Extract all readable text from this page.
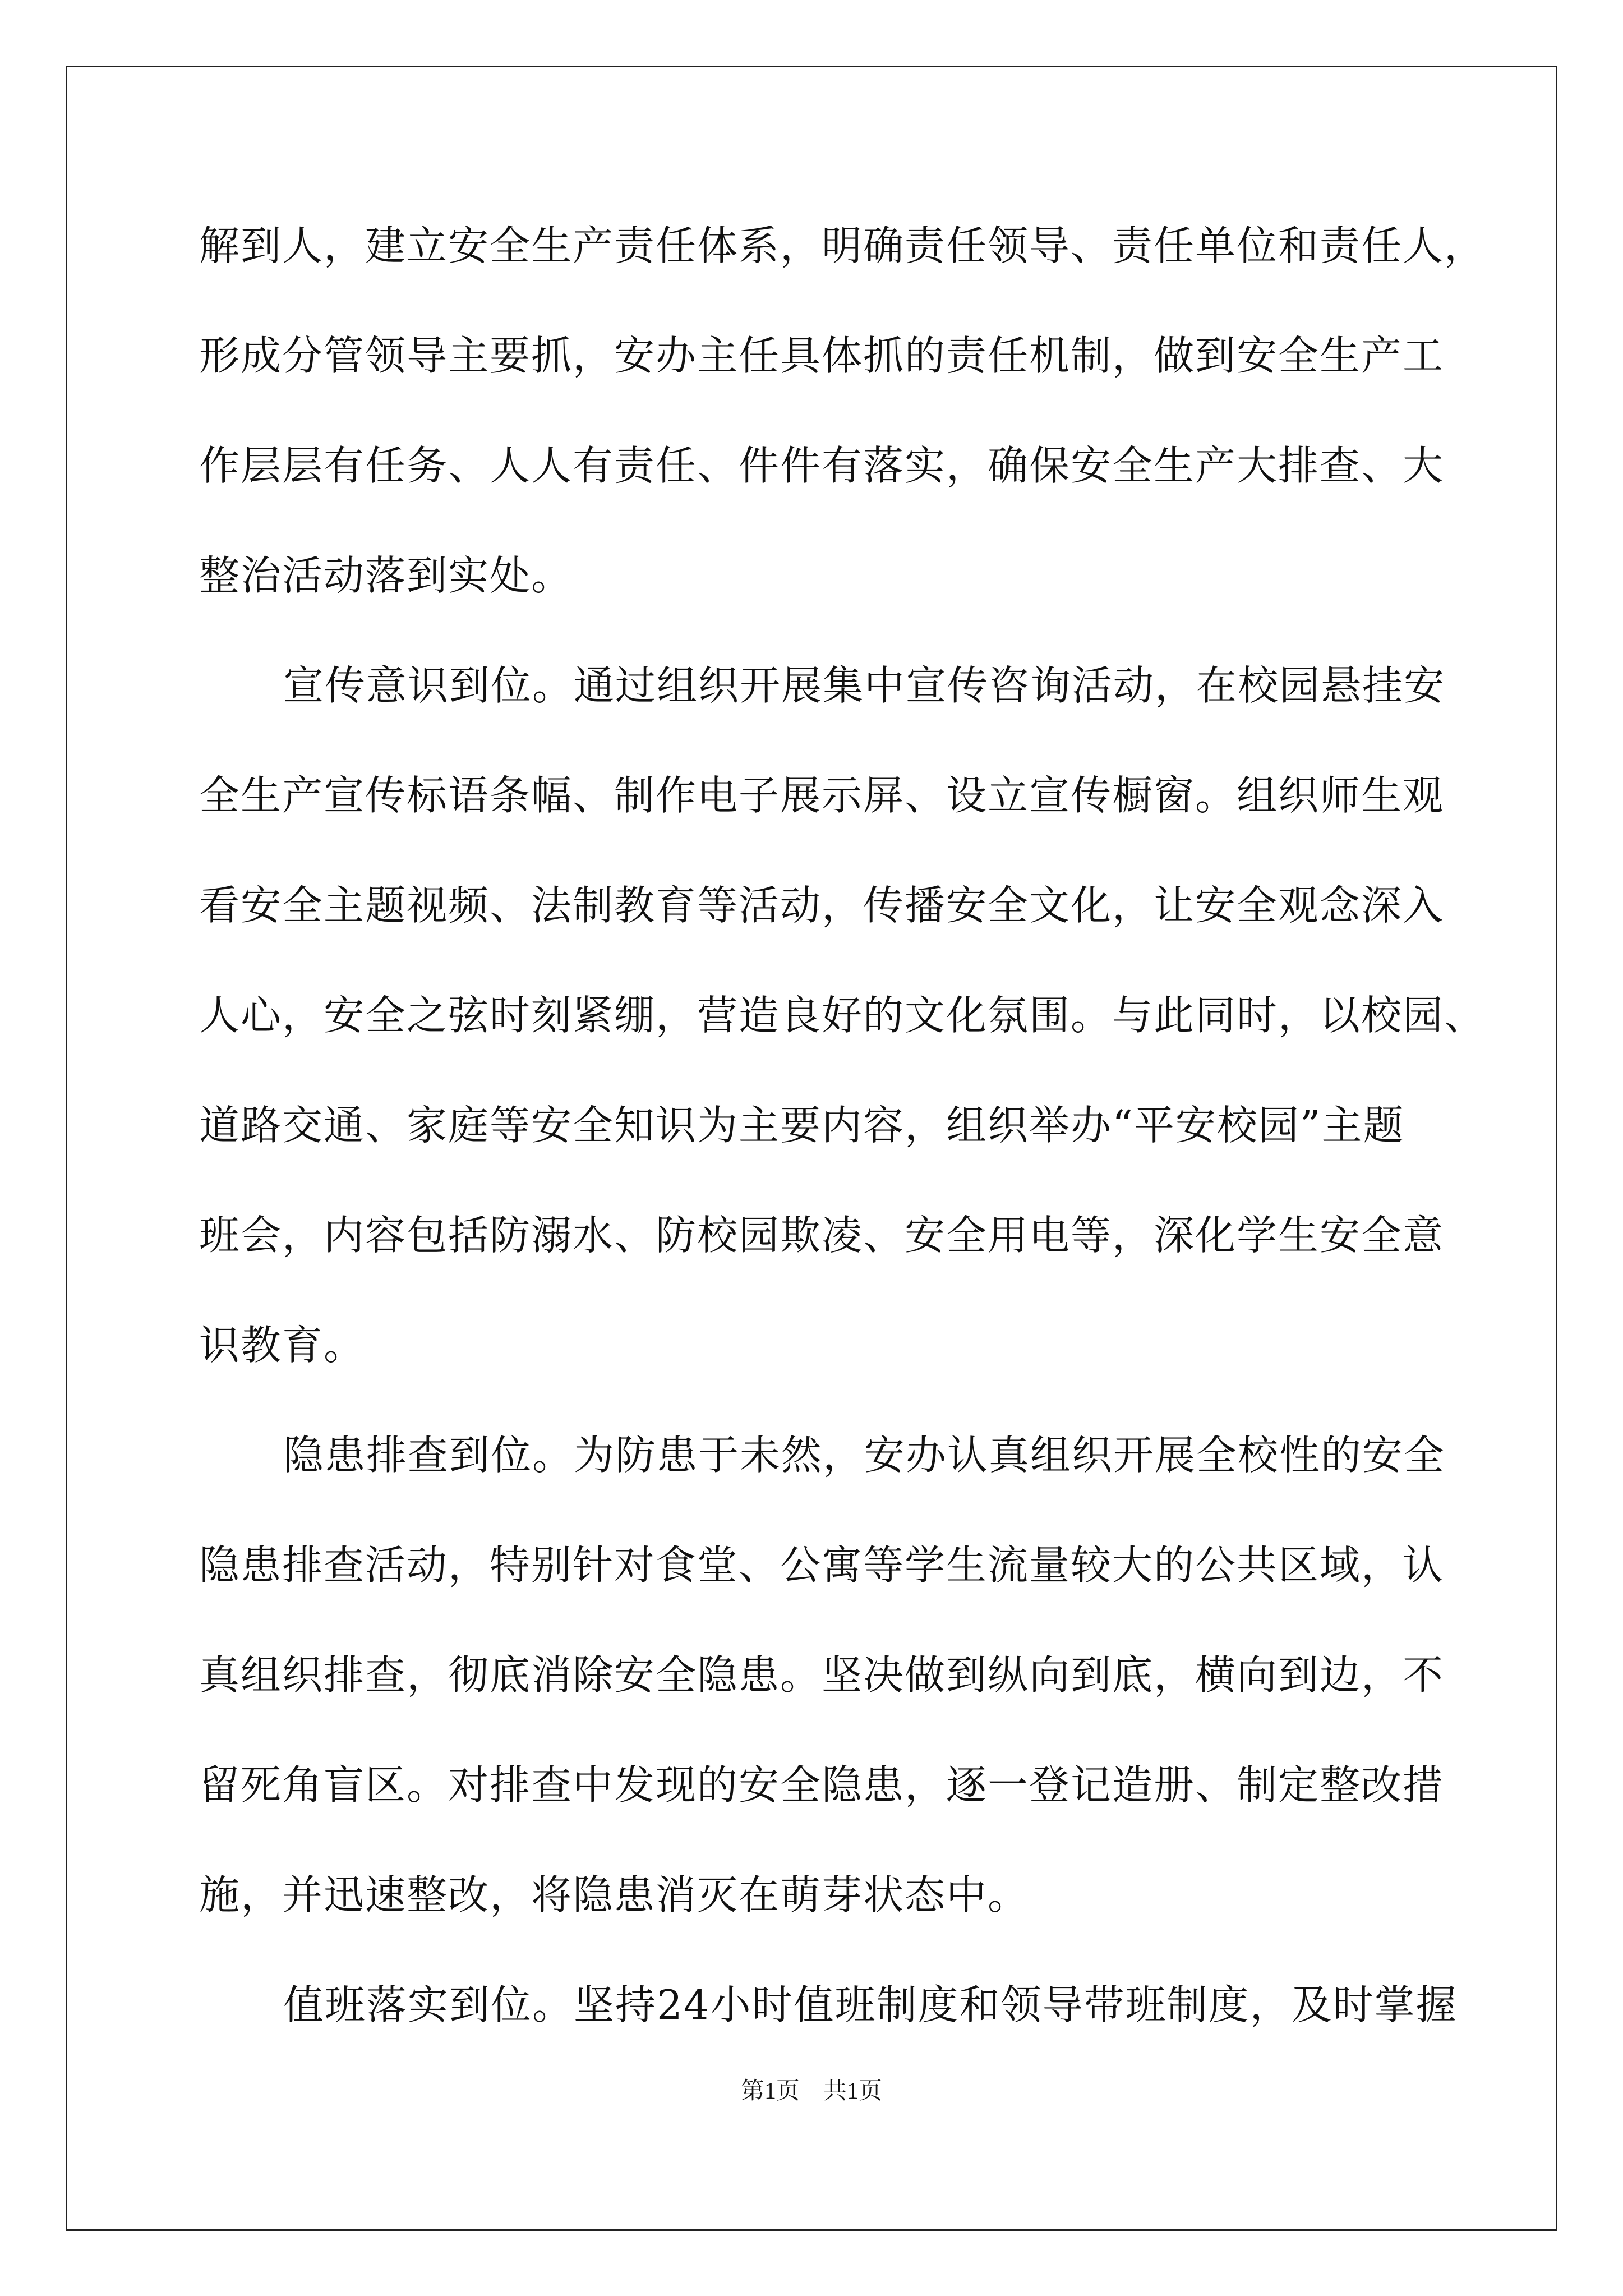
解到人，建立安全生产责任体系，明确责任领导、责任单位和责任人，
形成分管领导主要抓，安办主任具体抓的责任机制，做到安全生产工
作层层有任务、人人有责任、件件有落实，确保安全生产大排查、大
整治活动落到实处。
宣传意识到位。通过组织开展集中宣传咨询活动，在校园悬挂安
全生产宣传标语条幅、制作电子展示屏、设立宣传橱窗。组织师生观
看安全主题视频、法制教育等活动，传播安全文化，让安全观念深入
人心，安全之弦时刻紧绷，营造良好的文化氛围。与此同时，以校园、
道路交通、家庭等安全知识为主要内容，组织举办“平安校园”主题
班会，内容包括防溺水、防校园欺凌、安全用电等，深化学生安全意
识教育。
隐患排查到位。为防患于未然，安办认真组织开展全校性的安全
隐患排查活动，特别针对食堂、公寓等学生流量较大的公共区域，认
真组织排查，彻底消除安全隐患。坚决做到纵向到底，横向到边，不
留死角盲区。对排查中发现的安全隐患，逐一登记造册、制定整改措
施，并迅速整改，将隐患消灭在萌芽状态中。
值班落实到位。坚持24小时值班制度和领导带班制度，及时掌握
第1页　共1页
